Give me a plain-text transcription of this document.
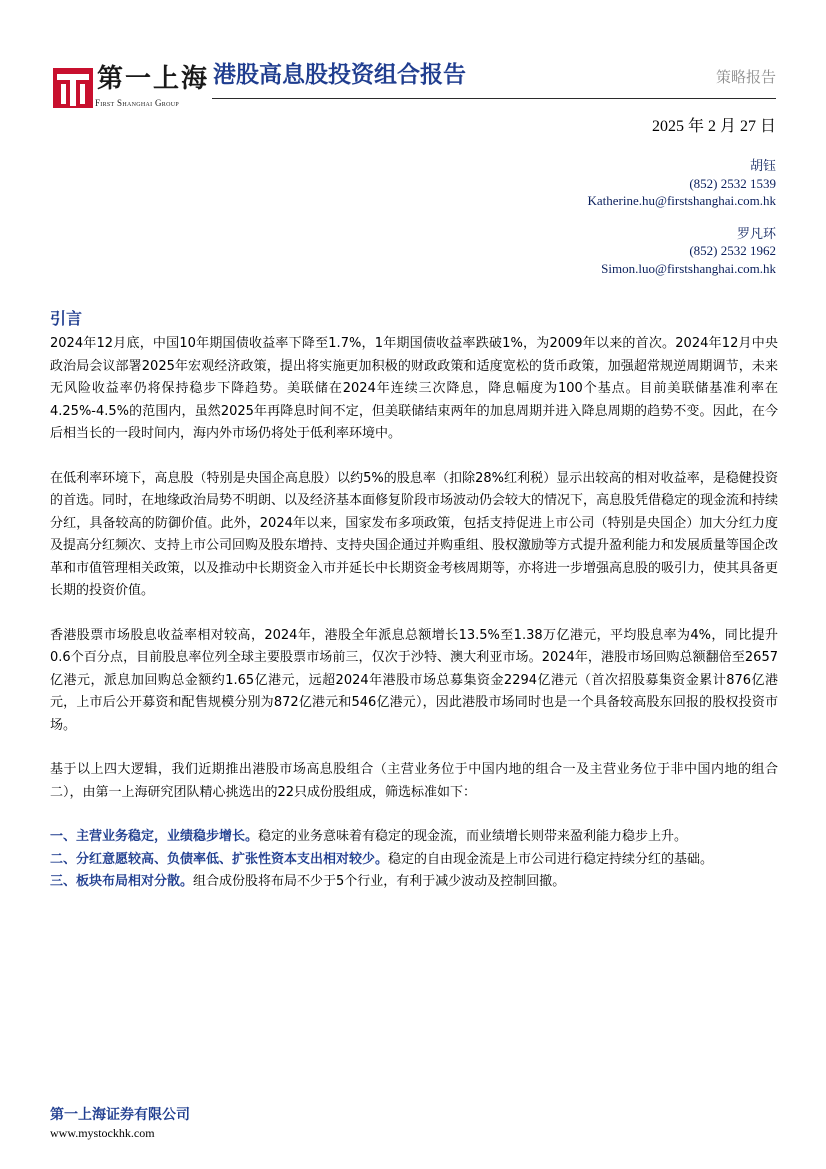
第一上海
First Shanghai Group
港股高息股投资组合报告	策略报告
2025 年 2 月 27 日
胡钰
(852) 2532 1539
Katherine.hu@firstshanghai.com.hk
罗凡环
(852) 2532 1962
Simon.luo@firstshanghai.com.hk
引言

2024年12月底，中国10年期国债收益率下降至1.7%，1年期国债收益率跌破1%，为2009年以来的首次。2024年12月中央政治局会议部署2025年宏观经济政策，提出将实施更加积极的财政政策和适度宽松的货币政策，加强超常规逆周期调节，未来无风险收益率仍将保持稳步下降趋势。美联储在2024年连续三次降息，降息幅度为100个基点。目前美联储基准利率在4.25%-4.5%的范围内，虽然2025年再降息时间不定，但美联储结束两年的加息周期并进入降息周期的趋势不变。因此，在今后相当长的一段时间内，海内外市场仍将处于低利率环境中。

在低利率环境下，高息股（特别是央国企高息股）以约5%的股息率（扣除28%红利税）显示出较高的相对收益率，是稳健投资的首选。同时，在地缘政治局势不明朗、以及经济基本面修复阶段市场波动仍会较大的情况下，高息股凭借稳定的现金流和持续分红，具备较高的防御价值。此外，2024年以来，国家发布多项政策，包括支持促进上市公司（特别是央国企）加大分红力度及提高分红频次、支持上市公司回购及股东增持、支持央国企通过并购重组、股权激励等方式提升盈利能力和发展质量等国企改革和市值管理相关政策，以及推动中长期资金入市并延长中长期资金考核周期等，亦将进一步增强高息股的吸引力，使其具备更长期的投资价值。

香港股票市场股息收益率相对较高，2024年，港股全年派息总额增长13.5%至1.38万亿港元，平均股息率为4%，同比提升0.6个百分点，目前股息率位列全球主要股票市场前三，仅次于沙特、澳大利亚市场。2024年，港股市场回购总额翻倍至2657亿港元，派息加回购总金额约1.65亿港元，远超2024年港股市场总募集资金2294亿港元（首次招股募集资金累计876亿港元，上市后公开募资和配售规模分别为872亿港元和546亿港元），因此港股市场同时也是一个具备较高股东回报的股权投资市场。

基于以上四大逻辑，我们近期推出港股市场高息股组合（主营业务位于中国内地的组合一及主营业务位于非中国内地的组合二），由第一上海研究团队精心挑选出的22只成份股组成，筛选标准如下：

一、主营业务稳定，业绩稳步增长。稳定的业务意味着有稳定的现金流，而业绩增长则带来盈利能力稳步上升。

二、分红意愿较高、负债率低、扩张性资本支出相对较少。稳定的自由现金流是上市公司进行稳定持续分红的基础。

三、板块布局相对分散。组合成份股将布局不少于5个行业，有利于减少波动及控制回撤。

第一上海证券有限公司
www.mystockhk.com
